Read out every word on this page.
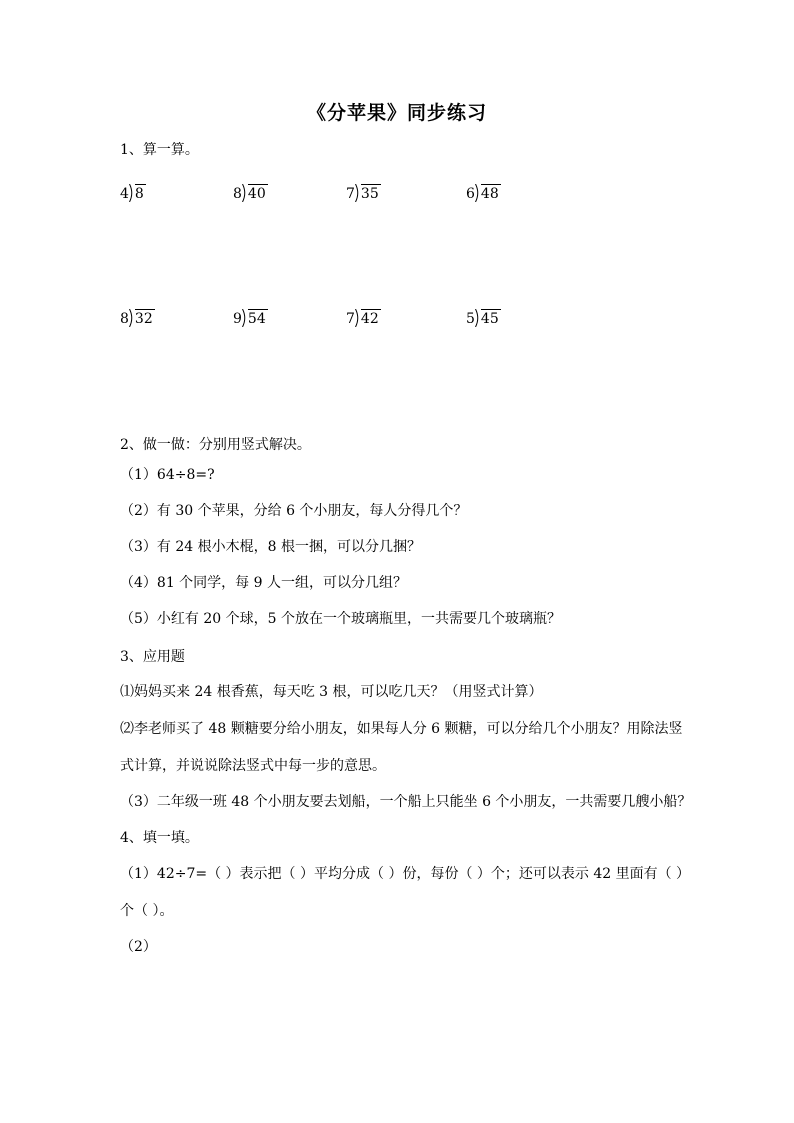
《分苹果》同步练习
1、算一算。
4 8	8 40	7 35	6 48
8 32	9 54	7 42	5 45
2、做一做：分别用竖式解决。
（1）64÷8=?
（2）有 30 个苹果，分给 6 个小朋友，每人分得几个？
（3）有 24 根小木棍，8 根一捆，可以分几捆？
（4）81 个同学，每 9 人一组，可以分几组？
（5）小红有 20 个球，5 个放在一个玻璃瓶里，一共需要几个玻璃瓶？
3、应用题
⑴妈妈买来 24 根香蕉，每天吃 3 根，可以吃几天？（用竖式计算）
⑵李老师买了 48 颗糖要分给小朋友，如果每人分 6 颗糖，可以分给几个小朋友？用除法竖
式计算，并说说除法竖式中每一步的意思。
（3）二年级一班 48 个小朋友要去划船，一个船上只能坐 6 个小朋友，一共需要几艘小船？
4、填一填。
（1）42÷7=（ ）表示把（ ）平均分成（ ）份，每份（ ）个；还可以表示 42 里面有（ ）
个（ ）。
（2）
